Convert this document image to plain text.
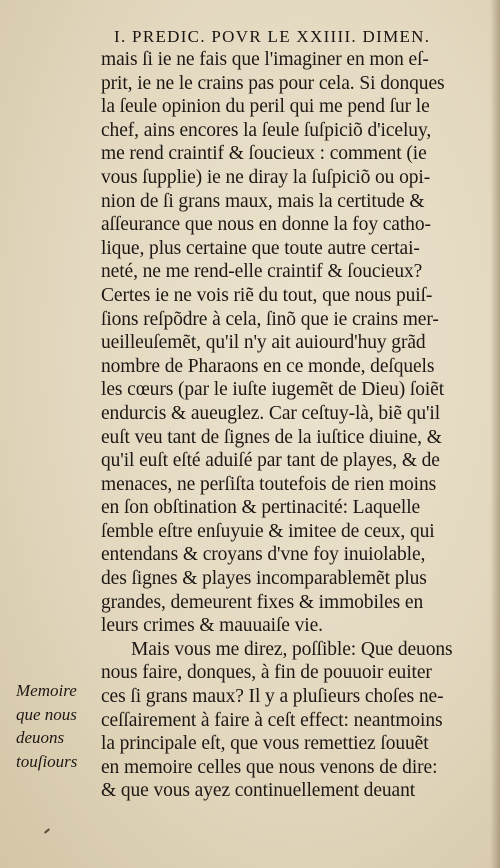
I. PREDIC. POVR LE XXIIII. DIMEN.
mais ſi ie ne fais que l'imaginer en mon eſ-
prit, ie ne le crains pas pour cela. Si donques
la ſeule opinion du peril qui me pend ſur le
chef, ains encores la ſeule ſuſpiciõ d'iceluy,
me rend craintif & ſoucieux : comment (ie
vous ſupplie) ie ne diray la ſuſpiciõ ou opi-
nion de ſi grans maux, mais la certitude &
aſſeurance que nous en donne la foy catho-
lique, plus certaine que toute autre certai-
neté, ne me rend-elle craintif & ſoucieux?
Certes ie ne vois riẽ du tout, que nous puiſ-
ſions reſpõdre à cela, ſinõ que ie crains mer-
ueilleuſemẽt, qu'il n'y ait auiourd'huy grãd
nombre de Pharaons en ce monde, deſquels
les cœurs (par le iuſte iugemẽt de Dieu) ſoiẽt
endurcis & aueuglez. Car ceſtuy-là, biẽ qu'il
euſt veu tant de ſignes de la iuſtice diuine, &
qu'il euſt eſté aduiſé par tant de playes, & de
menaces, ne perſiſta toutefois de rien moins
en ſon obſtination & pertinacité: Laquelle
ſemble eſtre enſuyuie & imitee de ceux, qui
entendans & croyans d'vne foy inuiolable,
des ſignes & playes incomparablemẽt plus
grandes, demeurent fixes & immobiles en
leurs crimes & mauuaiſe vie.
Mais vous me direz, poſſible: Que deuons
nous faire, donques, à fin de pouuoir euiter
ces ſi grans maux? Il y a pluſieurs choſes ne-
ceſſairement à faire à ceſt effect: neantmoins
la principale eſt, que vous remettiez ſouuẽt
en memoire celles que nous venons de dire:
& que vous ayez continuellement deuant
Memoire
que nous
deuons
touſiours
